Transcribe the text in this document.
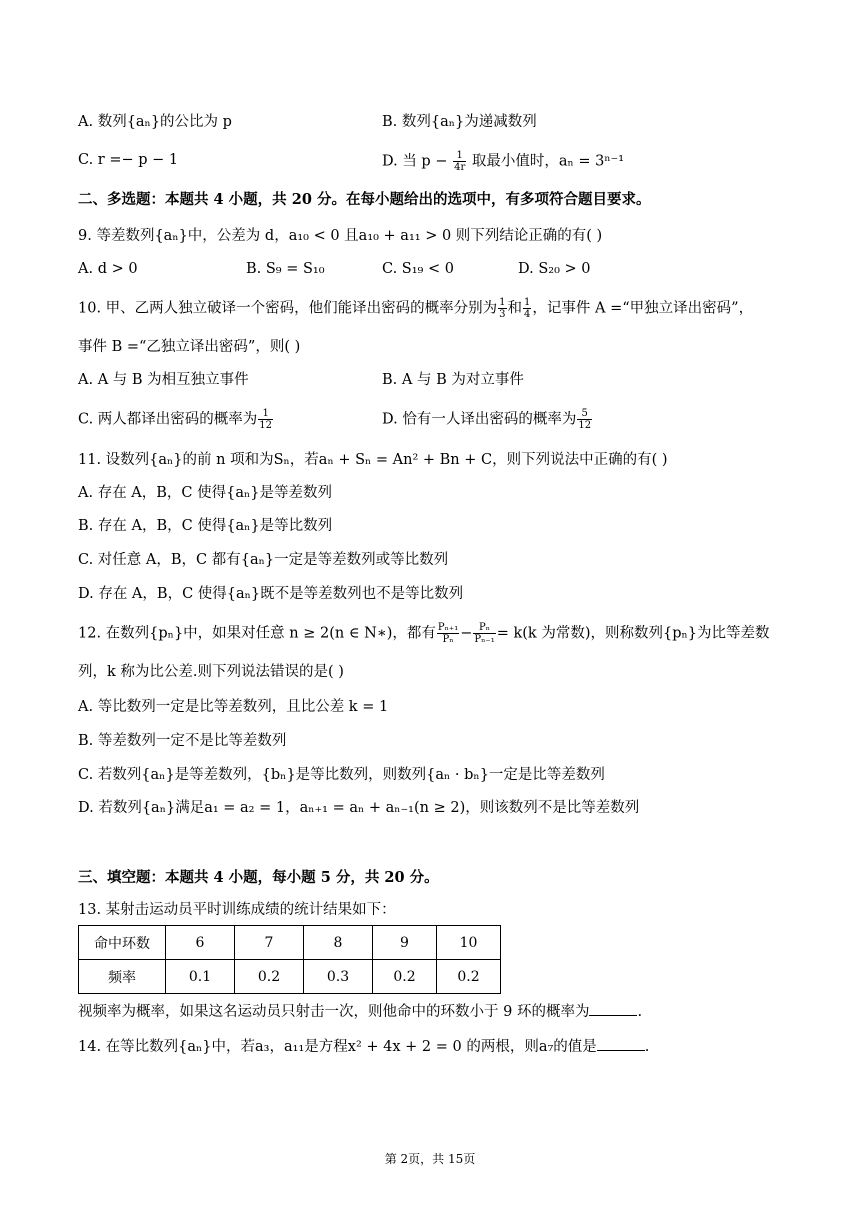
A. 数列{aₙ}的公比为 p	B. 数列{aₙ}为递减数列
C. r =− p − 1	D. 当 $p - \frac{1}{4r}$ 取最小值时，aₙ = 3ⁿ⁻¹
二、多选题：本题共 4 小题，共 20 分。在每小题给出的选项中，有多项符合题目要求。
9. 等差数列{aₙ}中，公差为 d，a₁₀ < 0 且a₁₀ + a₁₁ > 0 则下列结论正确的有( )
A. d > 0	B. S₉ = S₁₀	C. S₁₉ < 0	D. S₂₀ > 0
10. 甲、乙两人独立破译一个密码，他们能译出密码的概率分别为 $\frac{1}{3}$ 和 $\frac{1}{4}$ ，记事件 A =“甲独立译出密码”，
事件 B =“乙独立译出密码”，则( )
A. A 与 B 为相互独立事件	B. A 与 B 为对立事件
C. 两人都译出密码的概率为 $\frac{1}{12}$	D. 恰有一人译出密码的概率为 $\frac{5}{12}$
11. 设数列{aₙ}的前 n 项和为Sₙ，若aₙ + Sₙ = An² + Bn + C，则下列说法中正确的有( )
A. 存在 A，B，C 使得{aₙ}是等差数列
B. 存在 A，B，C 使得{aₙ}是等比数列
C. 对任意 A，B，C 都有{aₙ}一定是等差数列或等比数列
D. 存在 A，B，C 使得{aₙ}既不是等差数列也不是等比数列
12. 在数列{pₙ}中，如果对任意 n ≥ 2(n ∈ N∗)，都有 $\frac{\text{Pₙ₊₁}}{\text{Pₙ}} - \frac{\text{Pₙ}}{\text{Pₙ₋₁}} = k(k$ 为常数)，则称数列{pₙ}为比等差数
列，k 称为比公差.则下列说法错误的是( )
A. 等比数列一定是比等差数列，且比公差 k = 1
B. 等差数列一定不是比等差数列
C. 若数列{aₙ}是等差数列，{bₙ}是等比数列，则数列{aₙ · bₙ}一定是比等差数列
D. 若数列{aₙ}满足a₁ = a₂ = 1，aₙ₊₁ = aₙ + aₙ₋₁(n ≥ 2)，则该数列不是比等差数列
三、填空题：本题共 4 小题，每小题 5 分，共 20 分。
13. 某射击运动员平时训练成绩的统计结果如下：
命中环数	6	7	8	9	10
频率	0.1	0.2	0.3	0.2	0.2
视频率为概率，如果这名运动员只射击一次，则他命中的环数小于 9 环的概率为	.
14. 在等比数列{aₙ}中，若a₃，a₁₁是方程x² + 4x + 2 = 0 的两根，则a₇的值是	.
第 2页，共 15页
